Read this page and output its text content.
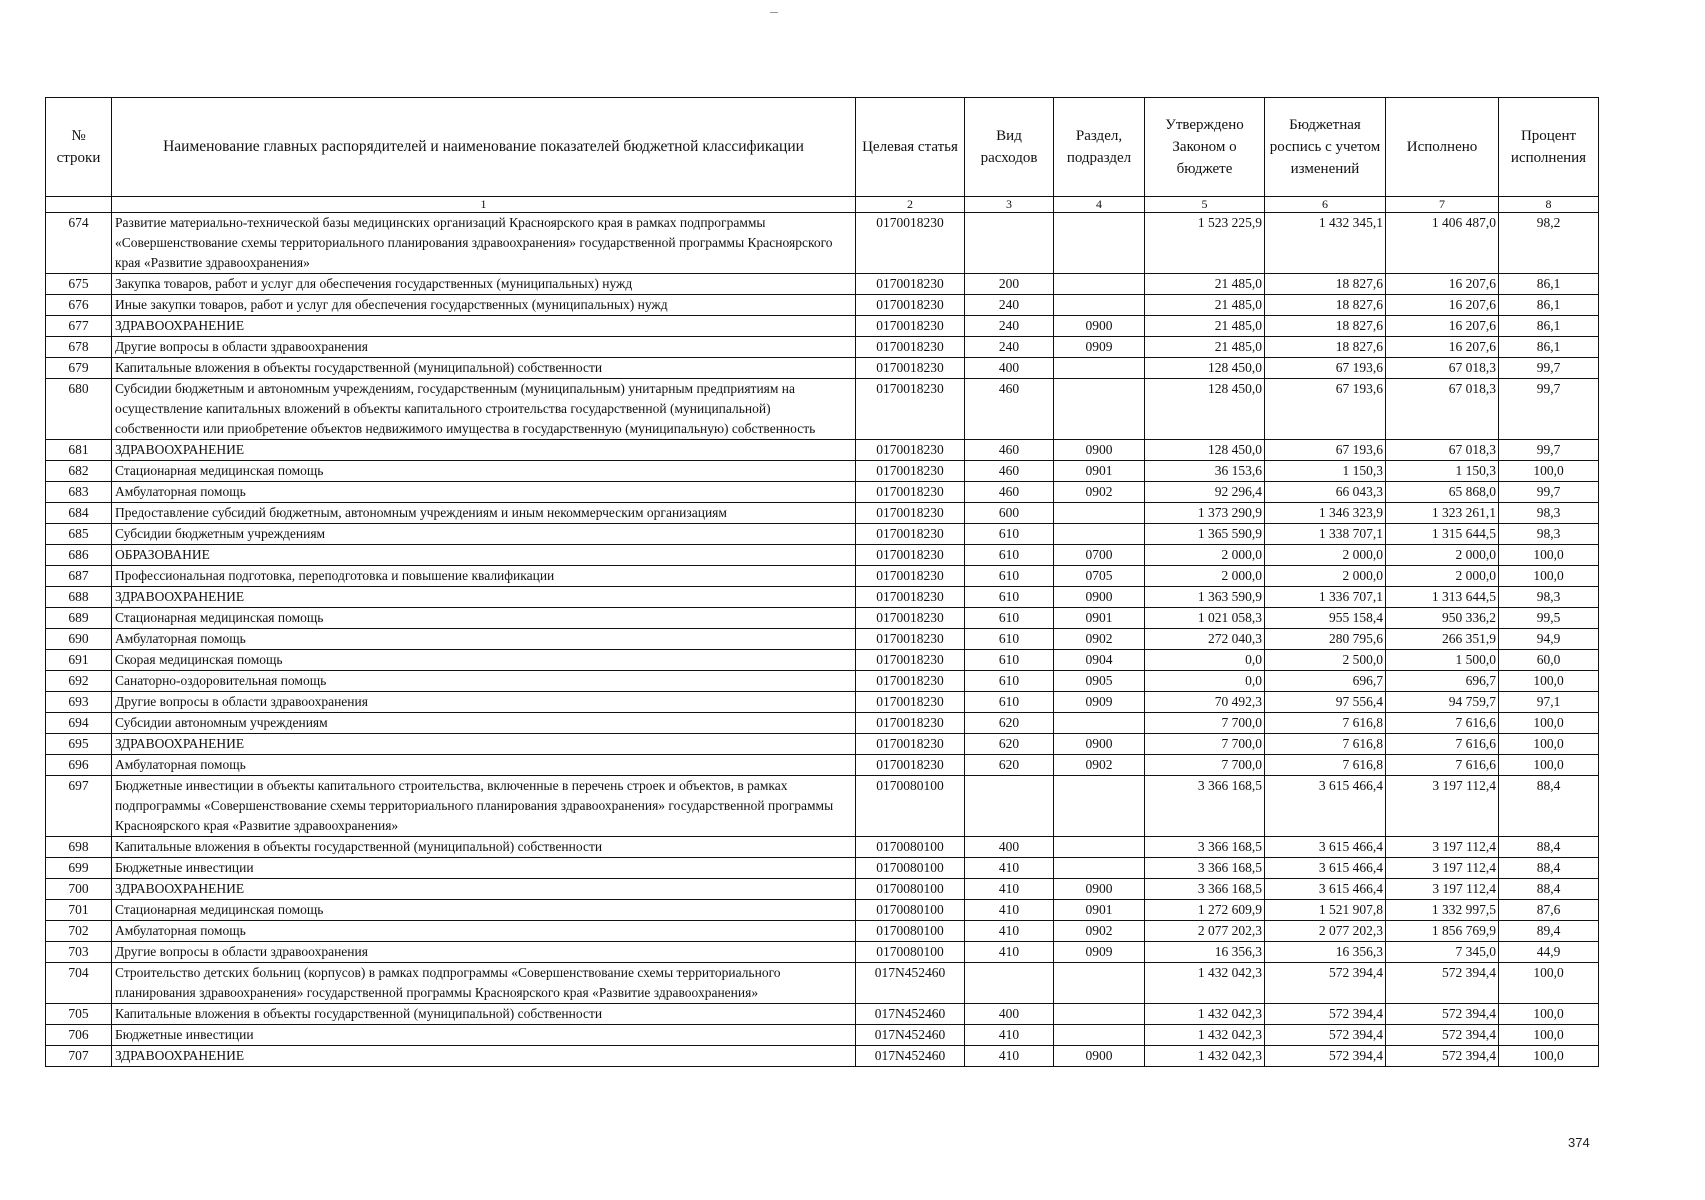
№ строки	Наименование главных распорядителей и наименование показателей бюджетной классификации	Целевая статья	Вид расходов	Раздел, подраздел	Утверждено Законом о бюджете	Бюджетная роспись с учетом изменений	Исполнено	Процент исполнения
	1	2	3	4	5	6	7	8
674	Развитие материально-технической базы медицинских организаций Красноярского края в рамках подпрограммы «Совершенствование схемы территориального планирования здравоохранения» государственной программы Красноярского края «Развитие здравоохранения»	0170018230			1 523 225,9	1 432 345,1	1 406 487,0	98,2
675	Закупка товаров, работ и услуг для обеспечения государственных (муниципальных) нужд	0170018230	200		21 485,0	18 827,6	16 207,6	86,1
676	Иные закупки товаров, работ и услуг для обеспечения государственных (муниципальных) нужд	0170018230	240		21 485,0	18 827,6	16 207,6	86,1
677	ЗДРАВООХРАНЕНИЕ	0170018230	240	0900	21 485,0	18 827,6	16 207,6	86,1
678	Другие вопросы в области здравоохранения	0170018230	240	0909	21 485,0	18 827,6	16 207,6	86,1
679	Капитальные вложения в объекты государственной (муниципальной) собственности	0170018230	400		128 450,0	67 193,6	67 018,3	99,7
680	Субсидии бюджетным и автономным учреждениям, государственным (муниципальным) унитарным предприятиям на осуществление капитальных вложений в объекты капитального строительства государственной (муниципальной) собственности или приобретение объектов недвижимого имущества в государственную (муниципальную) собственность	0170018230	460		128 450,0	67 193,6	67 018,3	99,7
681	ЗДРАВООХРАНЕНИЕ	0170018230	460	0900	128 450,0	67 193,6	67 018,3	99,7
682	Стационарная медицинская помощь	0170018230	460	0901	36 153,6	1 150,3	1 150,3	100,0
683	Амбулаторная помощь	0170018230	460	0902	92 296,4	66 043,3	65 868,0	99,7
684	Предоставление субсидий бюджетным, автономным учреждениям и иным некоммерческим организациям	0170018230	600		1 373 290,9	1 346 323,9	1 323 261,1	98,3
685	Субсидии бюджетным учреждениям	0170018230	610		1 365 590,9	1 338 707,1	1 315 644,5	98,3
686	ОБРАЗОВАНИЕ	0170018230	610	0700	2 000,0	2 000,0	2 000,0	100,0
687	Профессиональная подготовка, переподготовка и повышение квалификации	0170018230	610	0705	2 000,0	2 000,0	2 000,0	100,0
688	ЗДРАВООХРАНЕНИЕ	0170018230	610	0900	1 363 590,9	1 336 707,1	1 313 644,5	98,3
689	Стационарная медицинская помощь	0170018230	610	0901	1 021 058,3	955 158,4	950 336,2	99,5
690	Амбулаторная помощь	0170018230	610	0902	272 040,3	280 795,6	266 351,9	94,9
691	Скорая медицинская помощь	0170018230	610	0904	0,0	2 500,0	1 500,0	60,0
692	Санаторно-оздоровительная помощь	0170018230	610	0905	0,0	696,7	696,7	100,0
693	Другие вопросы в области здравоохранения	0170018230	610	0909	70 492,3	97 556,4	94 759,7	97,1
694	Субсидии автономным учреждениям	0170018230	620		7 700,0	7 616,8	7 616,6	100,0
695	ЗДРАВООХРАНЕНИЕ	0170018230	620	0900	7 700,0	7 616,8	7 616,6	100,0
696	Амбулаторная помощь	0170018230	620	0902	7 700,0	7 616,8	7 616,6	100,0
697	Бюджетные инвестиции в объекты капитального строительства, включенные в перечень строек и объектов, в рамках подпрограммы «Совершенствование схемы территориального планирования здравоохранения» государственной программы Красноярского края «Развитие здравоохранения»	0170080100			3 366 168,5	3 615 466,4	3 197 112,4	88,4
698	Капитальные вложения в объекты государственной (муниципальной) собственности	0170080100	400		3 366 168,5	3 615 466,4	3 197 112,4	88,4
699	Бюджетные инвестиции	0170080100	410		3 366 168,5	3 615 466,4	3 197 112,4	88,4
700	ЗДРАВООХРАНЕНИЕ	0170080100	410	0900	3 366 168,5	3 615 466,4	3 197 112,4	88,4
701	Стационарная медицинская помощь	0170080100	410	0901	1 272 609,9	1 521 907,8	1 332 997,5	87,6
702	Амбулаторная помощь	0170080100	410	0902	2 077 202,3	2 077 202,3	1 856 769,9	89,4
703	Другие вопросы в области здравоохранения	0170080100	410	0909	16 356,3	16 356,3	7 345,0	44,9
704	Строительство детских больниц (корпусов) в рамках подпрограммы «Совершенствование схемы территориального планирования здравоохранения» государственной программы Красноярского края «Развитие здравоохранения»	017N452460			1 432 042,3	572 394,4	572 394,4	100,0
705	Капитальные вложения в объекты государственной (муниципальной) собственности	017N452460	400		1 432 042,3	572 394,4	572 394,4	100,0
706	Бюджетные инвестиции	017N452460	410		1 432 042,3	572 394,4	572 394,4	100,0
707	ЗДРАВООХРАНЕНИЕ	017N452460	410	0900	1 432 042,3	572 394,4	572 394,4	100,0
374
